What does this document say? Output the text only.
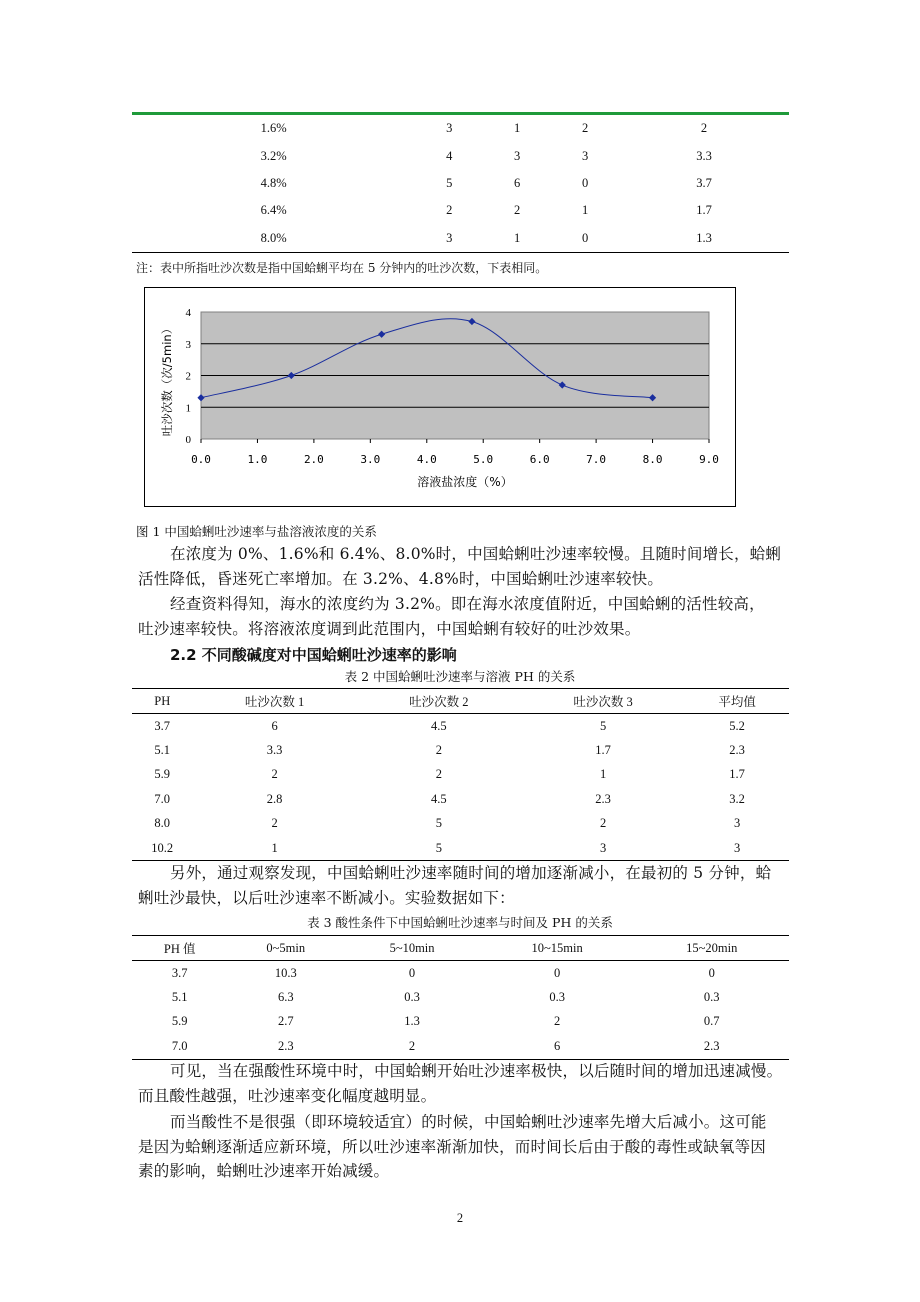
1.6%	3	1	2	2
3.2%	4	3	3	3.3
4.8%	5	6	0	3.7
6.4%	2	2	1	1.7
8.0%	3	1	0	1.3
注：表中所指吐沙次数是指中国蛤蜊平均在 5 分钟内的吐沙次数，下表相同。
0
1
2
3
4
0.0	1.0	2.0	3.0	4.0	5.0	6.0	7.0	8.0	9.0
溶液盐浓度（%）
吐沙次数（次/5min）
图 1 中国蛤蜊吐沙速率与盐溶液浓度的关系
在浓度为 0%、1.6%和 6.4%、8.0%时，中国蛤蜊吐沙速率较慢。且随时间增长，蛤蜊
活性降低，昏迷死亡率增加。在 3.2%、4.8%时，中国蛤蜊吐沙速率较快。
经查资料得知，海水的浓度约为 3.2%。即在海水浓度值附近，中国蛤蜊的活性较高，
吐沙速率较快。将溶液浓度调到此范围内，中国蛤蜊有较好的吐沙效果。
2.2 不同酸碱度对中国蛤蜊吐沙速率的影响
表 2 中国蛤蜊吐沙速率与溶液 PH 的关系
PH	吐沙次数 1	吐沙次数 2	吐沙次数 3	平均值
3.7	6	4.5	5	5.2
5.1	3.3	2	1.7	2.3
5.9	2	2	1	1.7
7.0	2.8	4.5	2.3	3.2
8.0	2	5	2	3
10.2	1	5	3	3
另外，通过观察发现，中国蛤蜊吐沙速率随时间的增加逐渐减小，在最初的 5 分钟，蛤
蜊吐沙最快，以后吐沙速率不断减小。实验数据如下：
表 3 酸性条件下中国蛤蜊吐沙速率与时间及 PH 的关系
PH 值	0~5min	5~10min	10~15min	15~20min
3.7	10.3	0	0	0
5.1	6.3	0.3	0.3	0.3
5.9	2.7	1.3	2	0.7
7.0	2.3	2	6	2.3
可见，当在强酸性环境中时，中国蛤蜊开始吐沙速率极快，以后随时间的增加迅速减慢。
而且酸性越强，吐沙速率变化幅度越明显。
而当酸性不是很强（即环境较适宜）的时候，中国蛤蜊吐沙速率先增大后减小。这可能
是因为蛤蜊逐渐适应新环境，所以吐沙速率渐渐加快，而时间长后由于酸的毒性或缺氧等因
素的影响，蛤蜊吐沙速率开始减缓。
2
